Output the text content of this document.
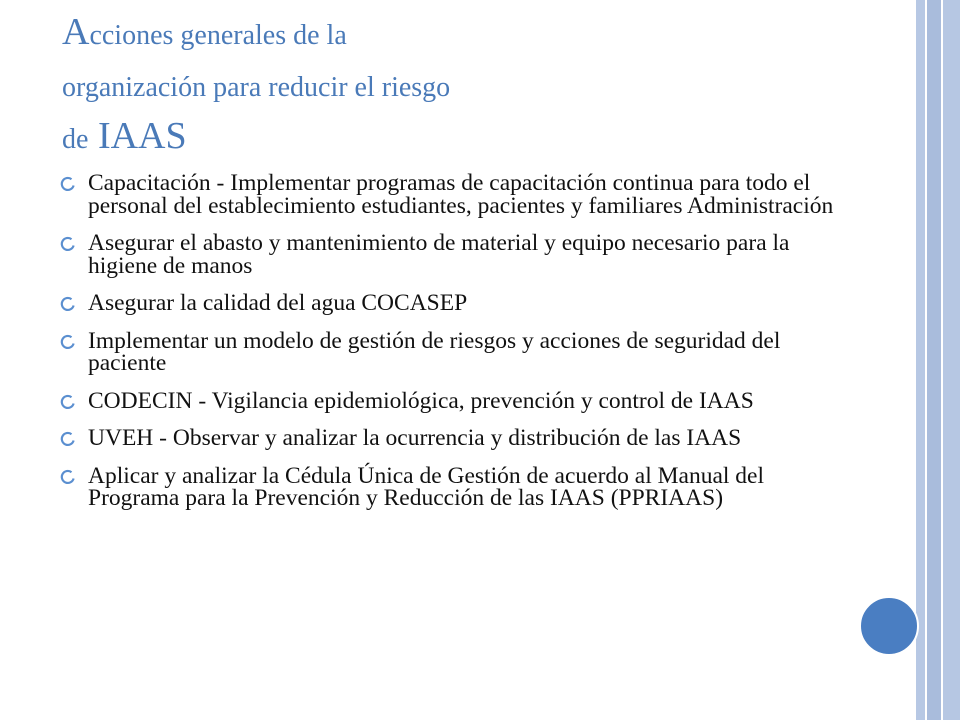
Acciones generales de la
organización para reducir el riesgo
de IAAS
Capacitación - Implementar programas de capacitación continua para todo el personal del establecimiento estudiantes, pacientes y familiares Administración
Asegurar el abasto y mantenimiento de material y equipo necesario para la higiene de manos
Asegurar la calidad del agua COCASEP
Implementar un modelo de gestión de riesgos y acciones de seguridad del paciente
CODECIN - Vigilancia epidemiológica, prevención y control de IAAS
UVEH - Observar y analizar la ocurrencia y distribución de las IAAS
Aplicar y analizar la Cédula Única de Gestión de acuerdo al Manual del Programa para la Prevención y Reducción de las IAAS (PPRIAAS)
